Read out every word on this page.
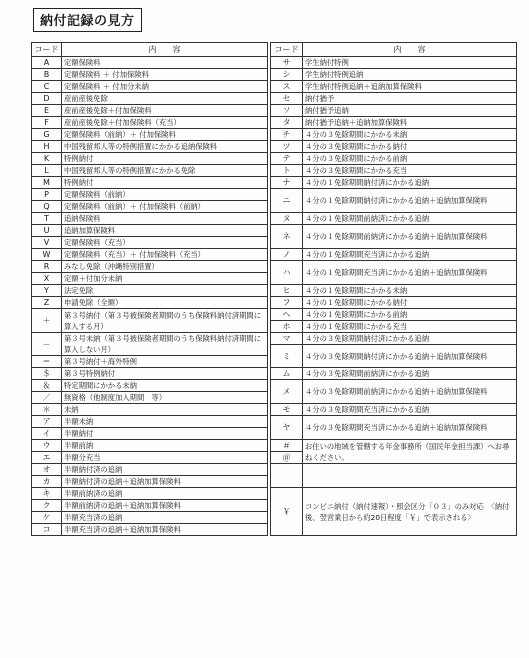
納付記録の見方
コード	内　　容		コード	内　　容
A	定額保険料		サ	学生納付特例
B	定額保険料 ＋ 付加保険料		シ	学生納付特例追納
C	定額保険料 ＋ 付加分未納		ス	学生納付特例追納＋追納加算保険料
D	産前産後免除		セ	納付猶予
E	産前産後免除＋付加保険料		ソ	納付猶予追納
F	産前産後免除＋付加保険料（充当）		タ	納付猶予追納＋追納加算保険料
G	定額保険料（前納）＋ 付加保険料		チ	４分の３免除期間にかかる未納
H	中国残留邦人等の特例措置にかかる追納保険料		ツ	４分の３免除期間にかかる納付
K	特例納付		テ	４分の３免除期間にかかる前納
L	中国残留邦人等の特例措置にかかる免除		ト	４分の３免除期間にかかる充当
M	特例納付		ナ	４分の１免除期間納付済にかかる追納
P	定額保険料（前納）		ニ	４分の１免除期間納付済にかかる追納＋追納加算保険料
Q	定額保険料（前納）＋ 付加保険料（前納）			
T	追納保険料		ヌ	４分の１免除期間前納済にかかる追納
U	追納加算保険料		ネ	４分の１免除期間前納済にかかる追納＋追納加算保険料
V	定額保険料（充当）			
W	定額保険料（充当）＋ 付加保険料（充当）		ノ	４分の１免除期間充当済にかかる追納
R	みなし免除（沖縄特別措置）		ハ	４分の１免除期間充当済にかかる追納＋追納加算保険料
X	定額＋付加分未納			
Y	法定免除		ヒ	４分の１免除期間にかかる未納
Z	申請免除（全額）		フ	４分の１免除期間にかかる納付
＋	第３号納付（第３号被保険者期間のうち保険料納付済期間に算入する月）		ヘ	４分の１免除期間にかかる前納
			ホ	４分の１免除期間にかかる充当
－	第３号未納（第３号被保険者期間のうち保険料納付済期間に算入しない月）		マ	４分の３免除期間納付済にかかる追納
			ミ	４分の３免除期間納付済にかかる追納＋追納加算保険料
＝	第３号納付＋海外特例			
＄	第３号特例納付		ム	４分の３免除期間前納済にかかる追納
＆	特定期間にかかる未納		メ	４分の３免除期間前納済にかかる追納＋追納加算保険料
／	無資格（他制度加入期間　等）			
＊	未納		モ	４分の３免除期間充当済にかかる追納
ア	半額未納		ヤ	４分の３免除期間充当済にかかる追納＋追納加算保険料
イ	半額納付			
ウ	半額前納		＃	お住いの地域を管轄する年金事務所（国民年金担当課）へお尋ねください。
エ	半額分充当		＠	
オ	半額納付済の追納			
カ	半額納付済の追納＋追納加算保険料			
キ	半額前納済の追納		￥	コンビニ納付（納付速報）・照会区分「０３」のみ対応　〈納付後、翌営業日から約20日程度「￥」で表示される〉
ク	半額前納済の追納＋追納加算保険料			
ケ	半額充当済の追納			
コ	半額充当済の追納＋追納加算保険料			
